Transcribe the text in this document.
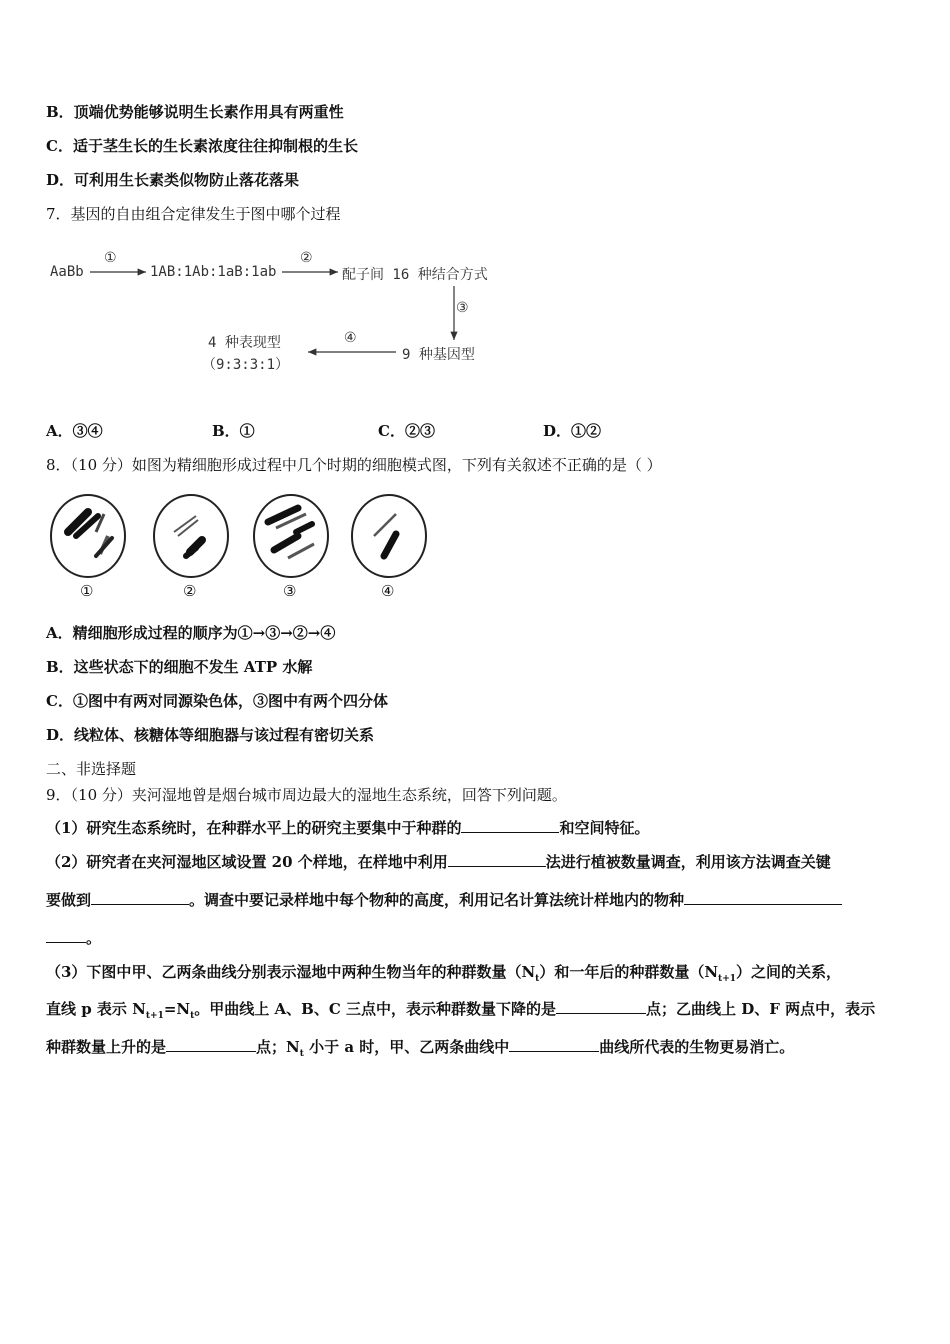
B．顶端优势能够说明生长素作用具有两重性
C．适于茎生长的生长素浓度往往抑制根的生长
D．可利用生长素类似物防止落花落果
7．基因的自由组合定律发生于图中哪个过程
AaBb
①
1AB:1Ab:1aB:1ab
②
配子间 16 种结合方式
③
9 种基因型
④
4 种表现型
（9:3:3:1）
A．③④	B．①	C．②③	D．①②
8．（10 分）如图为精细胞形成过程中几个时期的细胞模式图，下列有关叙述不正确的是（ ）
①	②	③	④
A．精细胞形成过程的顺序为①→③→②→④
B．这些状态下的细胞不发生 ATP 水解
C．①图中有两对同源染色体，③图中有两个四分体
D．线粒体、核糖体等细胞器与该过程有密切关系
二、非选择题
9．（10 分）夹河湿地曾是烟台城市周边最大的湿地生态系统，回答下列问题。
（1）研究生态系统时，在种群水平上的研究主要集中于种群的	和空间特征。
（2）研究者在夹河湿地区域设置 20 个样地，在样地中利用	法进行植被数量调查，利用该方法调查关键
要做到	。调查中要记录样地中每个物种的高度，利用记名计算法统计样地内的物种
。
（3）下图中甲、乙两条曲线分别表示湿地中两种生物当年的种群数量$(N_t)$和一年后的种群数量$(N_{t+1})$之间的关系，
直线 p 表示 $N_{t+1}=N_t$。甲曲线上 A、B、C 三点中，表示种群数量下降的是	点；乙曲线上 D、F 两点中，表示
种群数量上升的是	点；$N_t$ 小于 a 时，甲、乙两条曲线中	曲线所代表的生物更易消亡。
